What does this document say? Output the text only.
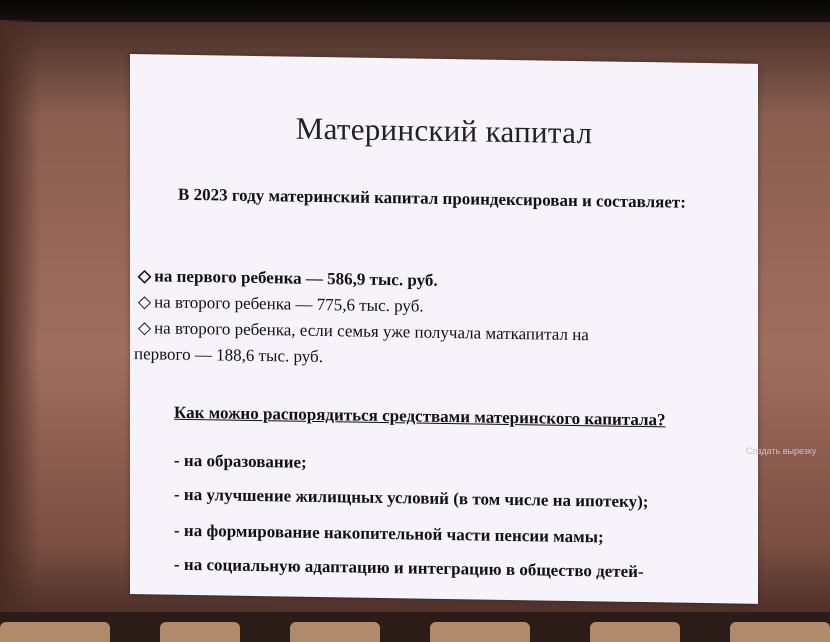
Материнский капитал
В 2023 году материнский капитал проиндексирован и составляет:
◇ на первого ребенка — 586,9 тыс. руб.
◇ на второго ребенка — 775,6 тыс. руб.
◇ на второго ребенка, если семья уже получала маткапитал на
первого — 188,6 тыс. руб.
Как можно распорядиться средствами материнского капитала?
- на образование;
- на улучшение жилищных условий (в том числе на ипотеку);
- на формирование накопительной части пенсии мамы;
- на социальную адаптацию и интеграцию в общество детей-
Создать вырезку
